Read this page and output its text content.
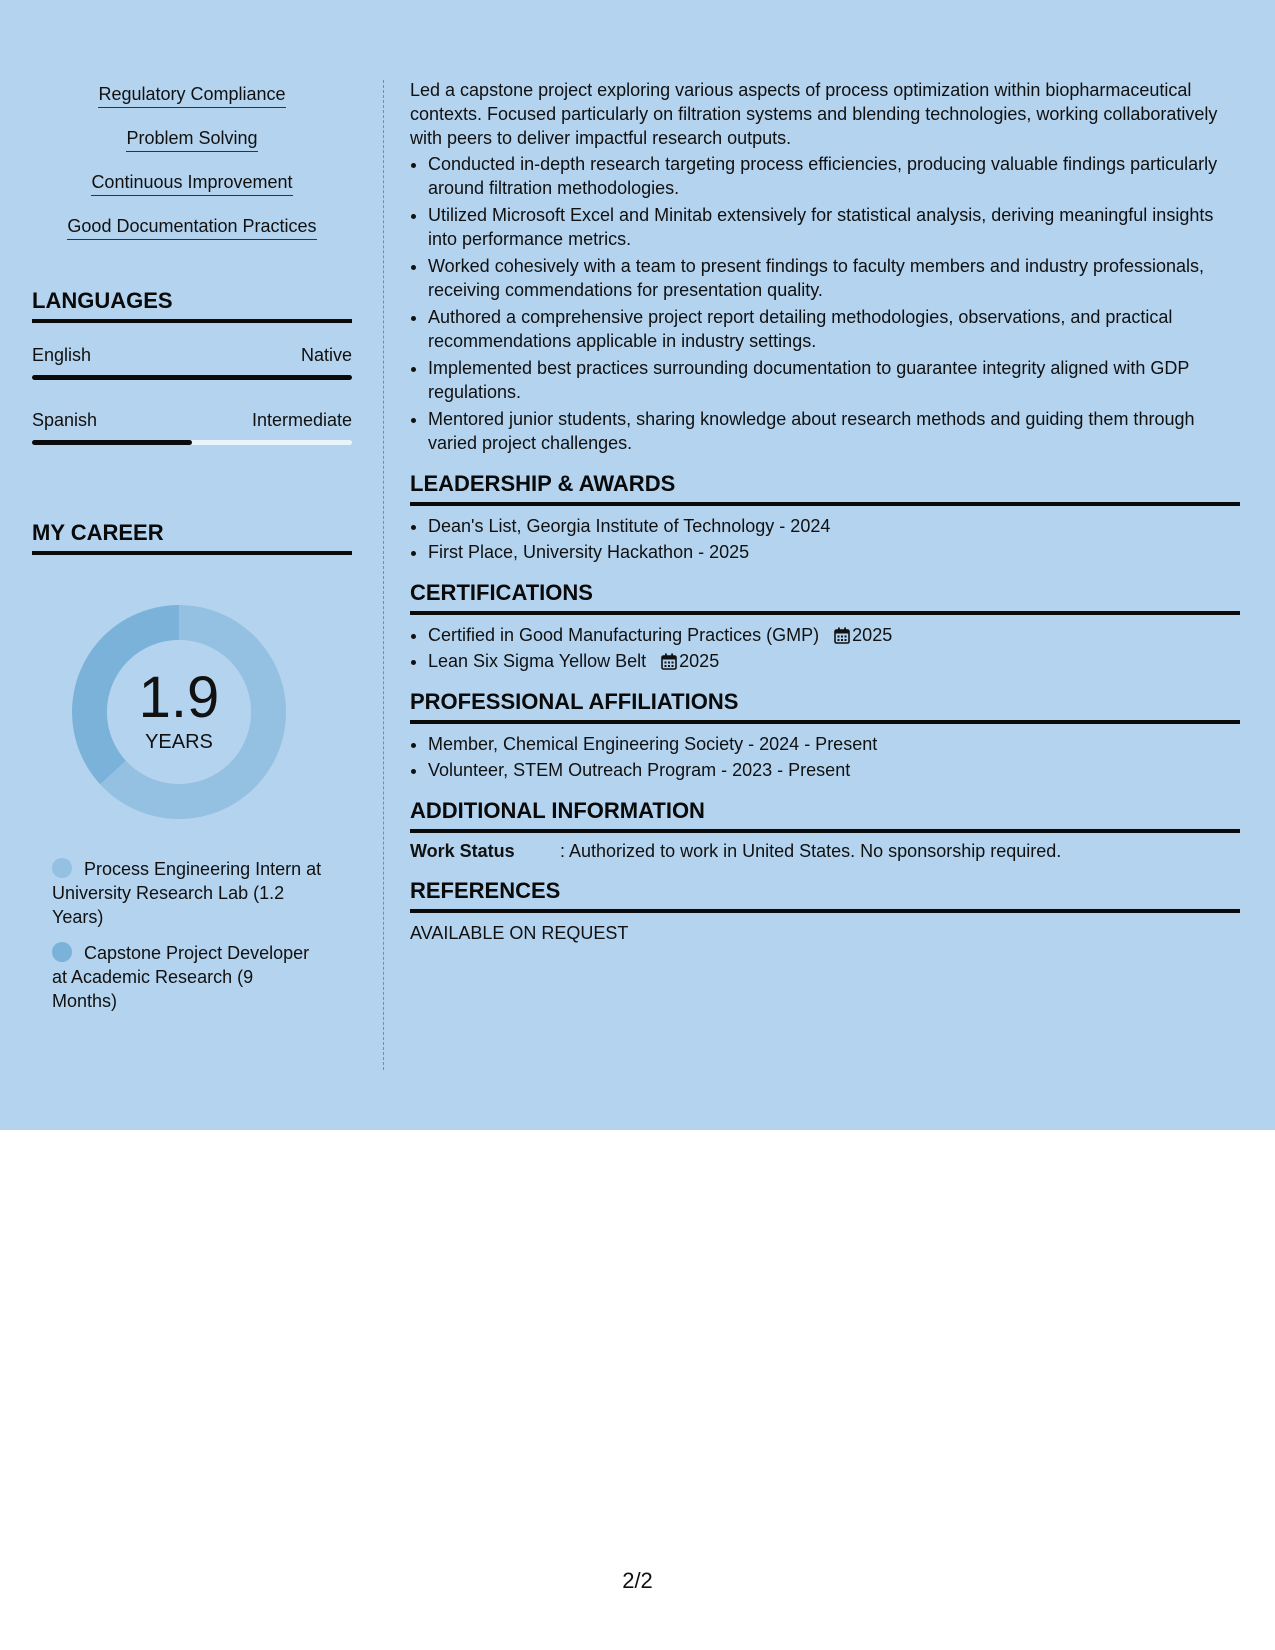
Regulatory Compliance
Problem Solving
Continuous Improvement
Good Documentation Practices
LANGUAGES
English	Native
Spanish	Intermediate
MY CAREER
1.9
YEARS
Process Engineering Intern at University Research Lab (1.2 Years)
Capstone Project Developer at Academic Research (9 Months)

Led a capstone project exploring various aspects of process optimization within biopharmaceutical contexts. Focused particularly on filtration systems and blending technologies, working collaboratively with peers to deliver impactful research outputs.

• Conducted in-depth research targeting process efficiencies, producing valuable findings particularly around filtration methodologies.
• Utilized Microsoft Excel and Minitab extensively for statistical analysis, deriving meaningful insights into performance metrics.
• Worked cohesively with a team to present findings to faculty members and industry professionals, receiving commendations for presentation quality.
• Authored a comprehensive project report detailing methodologies, observations, and practical recommendations applicable in industry settings.
• Implemented best practices surrounding documentation to guarantee integrity aligned with GDP regulations.
• Mentored junior students, sharing knowledge about research methods and guiding them through varied project challenges.
LEADERSHIP & AWARDS
• Dean's List, Georgia Institute of Technology - 2024
• First Place, University Hackathon - 2025
CERTIFICATIONS
• Certified in Good Manufacturing Practices (GMP) 2025
• Lean Six Sigma Yellow Belt 2025
PROFESSIONAL AFFILIATIONS
• Member, Chemical Engineering Society - 2024 - Present
• Volunteer, STEM Outreach Program - 2023 - Present
ADDITIONAL INFORMATION
Work Status	: Authorized to work in United States. No sponsorship required.
REFERENCES
AVAILABLE ON REQUEST
2/2
